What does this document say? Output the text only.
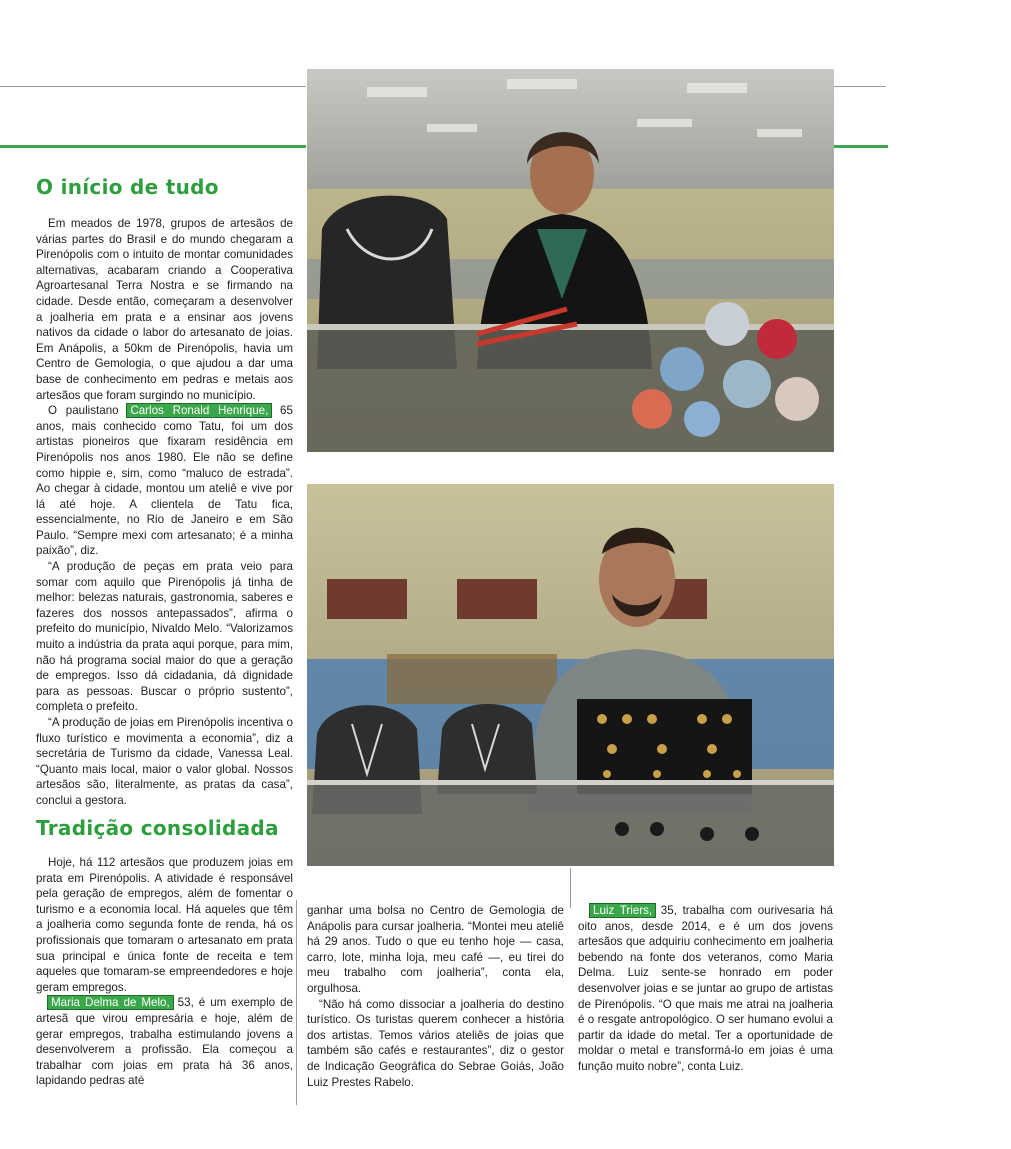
O início de tudo

Em meados de 1978, grupos de artesãos de várias partes do Brasil e do mundo chegaram a Pirenópolis com o intuito de montar comunidades alternativas, acabaram criando a Cooperativa Agroartesanal Terra Nostra e se firmando na cidade. Desde então, começaram a desenvolver a joalheria em prata e a ensinar aos jovens nativos da cidade o labor do artesanato de joias. Em Anápolis, a 50km de Pirenópolis, havia um Centro de Gemologia, o que ajudou a dar uma base de conhecimento em pedras e metais aos artesãos que foram surgindo no município.

O paulistano Carlos Ronald Henrique, 65 anos, mais conhecido como Tatu, foi um dos artistas pioneiros que fixaram residência em Pirenópolis nos anos 1980. Ele não se define como hippie e, sim, como “maluco de estrada”. Ao chegar à cidade, montou um ateliê e vive por lá até hoje. A clientela de Tatu fica, essencialmente, no Rio de Janeiro e em São Paulo. “Sempre mexi com artesanato; é a minha paixão”, diz.

“A produção de peças em prata veio para somar com aquilo que Pirenópolis já tinha de melhor: belezas naturais, gastronomia, saberes e fazeres dos nossos antepassados”, afirma o prefeito do município, Nivaldo Melo. “Valorizamos muito a indústria da prata aqui porque, para mim, não há programa social maior do que a geração de empregos. Isso dá cidadania, dá dignidade para as pessoas. Buscar o próprio sustento”, completa o prefeito.

“A produção de joias em Pirenópolis incentiva o fluxo turístico e movimenta a economia”, diz a secretária de Turismo da cidade, Vanessa Leal. “Quanto mais local, maior o valor global. Nossos artesãos são, literalmente, as pratas da casa”, conclui a gestora.

Tradição consolidada

Hoje, há 112 artesãos que produzem joias em prata em Pirenópolis. A atividade é responsável pela geração de empregos, além de fomentar o turismo e a economia local. Há aqueles que têm a joalheria como segunda fonte de renda, há os profissionais que tomaram o artesanato em prata sua principal e única fonte de receita e tem aqueles que tomaram-se empreendedores e hoje geram empregos.

Maria Delma de Melo, 53, é um exemplo de artesã que virou empresária e hoje, além de gerar empregos, trabalha estimulando jovens a desenvolverem a profissão. Ela começou a trabalhar com joias em prata há 36 anos, lapidando pedras até

ganhar uma bolsa no Centro de Gemologia de Anápolis para cursar joalheria. “Montei meu ateliê há 29 anos. Tudo o que eu tenho hoje — casa, carro, lote, minha loja, meu café —, eu tirei do meu trabalho com joalheria”, conta ela, orgulhosa.

“Não há como dissociar a joalheria do destino turístico. Os turistas querem conhecer a história dos artistas. Temos vários ateliês de joias que também são cafés e restaurantes”, diz o gestor de Indicação Geográfica do Sebrae Goiás, João Luiz Prestes Rabelo.

Luiz Triers, 35, trabalha com ourivesaria há oito anos, desde 2014, e é um dos jovens artesãos que adquiriu conhecimento em joalheria bebendo na fonte dos veteranos, como Maria Delma. Luiz sente-se honrado em poder desenvolver joias e se juntar ao grupo de artistas de Pirenópolis. “O que mais me atrai na joalheria é o resgate antropológico. O ser humano evolui a partir da idade do metal. Ter a oportunidade de moldar o metal e transformá-lo em joias é uma função muito nobre”, conta Luiz.
